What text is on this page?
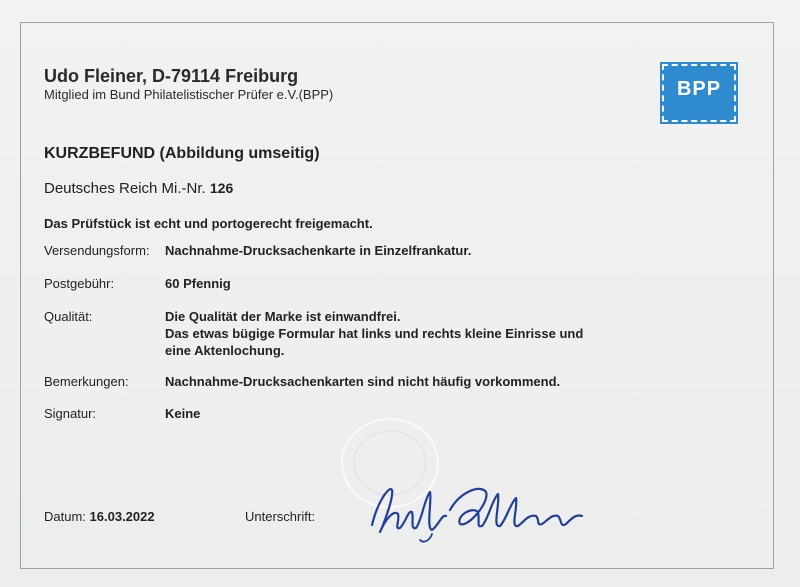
Udo Fleiner, D-79114 Freiburg
Mitglied im Bund Philatelistischer Prüfer e.V.(BPP)	BPP
KURZBEFUND (Abbildung umseitig)
Deutsches Reich Mi.-Nr. 126
Das Prüfstück ist echt und portogerecht freigemacht.
Versendungsform: Nachnahme-Drucksachenkarte in Einzelfrankatur.
Postgebühr:	60 Pfennig
Qualität:	Die Qualität der Marke ist einwandfrei.
Das etwas bügige Formular hat links und rechts kleine Einrisse und
eine Aktenlochung.
Bemerkungen:	Nachnahme-Drucksachenkarten sind nicht häufig vorkommend.
Signatur:	Keine
Datum: 16.03.2022	Unterschrift:
